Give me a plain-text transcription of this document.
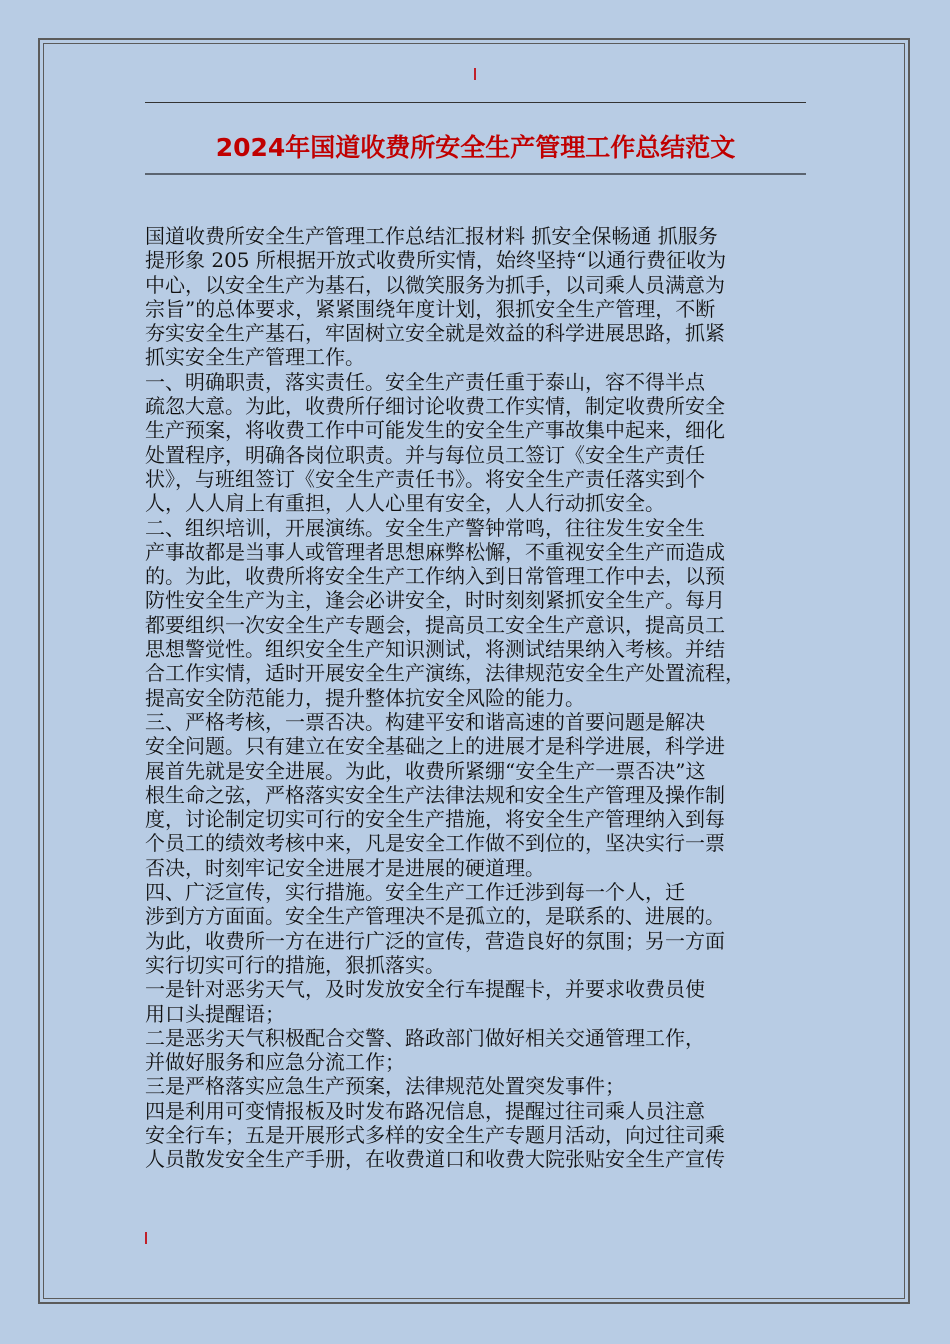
2024年国道收费所安全生产管理工作总结范文
国道收费所安全生产管理工作总结汇报材料 抓安全保畅通 抓服务
提形象 205 所根据开放式收费所实情，始终坚持“以通行费征收为
中心，以安全生产为基石，以微笑服务为抓手，以司乘人员满意为
宗旨”的总体要求，紧紧围绕年度计划，狠抓安全生产管理，不断
夯实安全生产基石，牢固树立安全就是效益的科学进展思路，抓紧
抓实安全生产管理工作。
一、明确职责，落实责任。安全生产责任重于泰山，容不得半点
疏忽大意。为此，收费所仔细讨论收费工作实情，制定收费所安全
生产预案，将收费工作中可能发生的安全生产事故集中起来，细化
处置程序，明确各岗位职责。并与每位员工签订《安全生产责任
状》，与班组签订《安全生产责任书》。将安全生产责任落实到个
人，人人肩上有重担，人人心里有安全，人人行动抓安全。
二、组织培训，开展演练。安全生产警钟常鸣，往往发生安全生
产事故都是当事人或管理者思想麻弊松懈，不重视安全生产而造成
的。为此，收费所将安全生产工作纳入到日常管理工作中去，以预
防性安全生产为主，逢会必讲安全，时时刻刻紧抓安全生产。每月
都要组织一次安全生产专题会，提高员工安全生产意识，提高员工
思想警觉性。组织安全生产知识测试，将测试结果纳入考核。并结
合工作实情，适时开展安全生产演练，法律规范安全生产处置流程，
提高安全防范能力，提升整体抗安全风险的能力。
三、严格考核，一票否决。构建平安和谐高速的首要问题是解决
安全问题。只有建立在安全基础之上的进展才是科学进展，科学进
展首先就是安全进展。为此，收费所紧绷“安全生产一票否决”这
根生命之弦，严格落实安全生产法律法规和安全生产管理及操作制
度，讨论制定切实可行的安全生产措施，将安全生产管理纳入到每
个员工的绩效考核中来，凡是安全工作做不到位的，坚决实行一票
否决，时刻牢记安全进展才是进展的硬道理。
四、广泛宣传，实行措施。安全生产工作迁涉到每一个人，迁
涉到方方面面。安全生产管理决不是孤立的，是联系的、进展的。
为此，收费所一方在进行广泛的宣传，营造良好的氛围；另一方面
实行切实可行的措施，狠抓落实。
一是针对恶劣天气，及时发放安全行车提醒卡，并要求收费员使
用口头提醒语；
二是恶劣天气积极配合交警、路政部门做好相关交通管理工作，
并做好服务和应急分流工作；
三是严格落实应急生产预案，法律规范处置突发事件；
四是利用可变情报板及时发布路况信息，提醒过往司乘人员注意
安全行车；五是开展形式多样的安全生产专题月活动，向过往司乘
人员散发安全生产手册，在收费道口和收费大院张贴安全生产宣传
